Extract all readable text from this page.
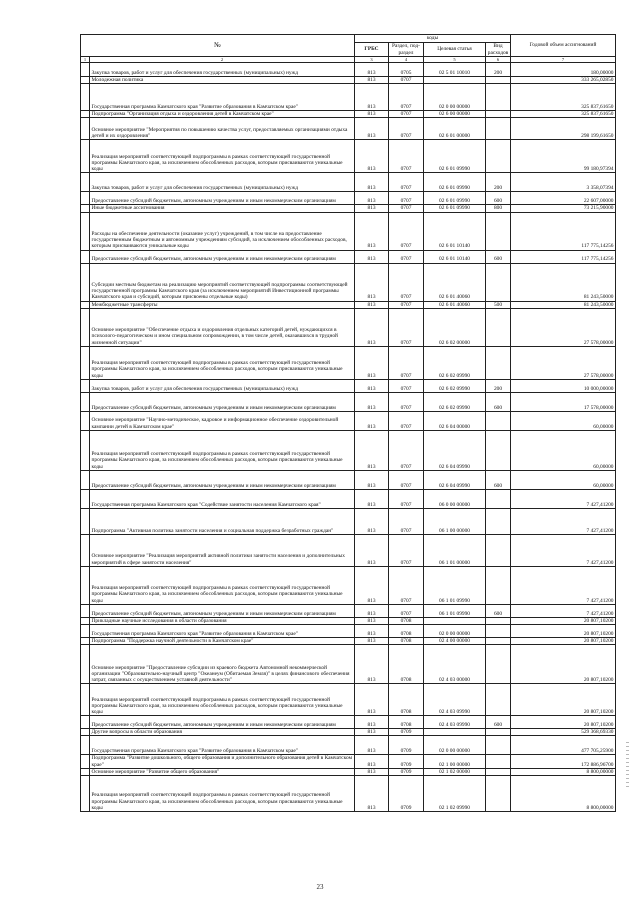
№		коды				Годовой объем ассигнований
		ГРБС	Раздел, под-раздел	Целевая статья	Вид расходов	
1	2	3	4	5	6	7
	Закупка товаров, работ и услуг для обеспечения государственных (муниципальных) нужд	813	0705	02 5 01 10010	200	180,00000
	Молодежная политика	813	0707			333 265,02850
	Государственная программа Камчатского края "Развитие образования в Камчатском крае"	813	0707	02 0 00 00000		325 837,61650
	Подпрограмма "Организация отдыха и оздоровления детей в Камчатском крае"	813	0707	02 6 00 00000		325 837,61650
	Основное мероприятие "Мероприятия по повышению качества услуг, предоставляемых организациями отдыха детей и их оздоровления"	813	0707	02 6 01 00000		298 199,61650
	Реализация мероприятий соответствующей подпрограммы в рамках соответствующей государственной программы Камчатского края, за исключением обособленных расходов, которым присваиваются уникальные коды	813	0707	02 6 01 09990		99 180,97394
	Закупка товаров, работ и услуг для обеспечения государственных (муниципальных) нужд	813	0707	02 6 01 09990	200	3 358,07394
	Предоставление субсидий бюджетным, автономным учреждениям и иным некоммерческим организациям	813	0707	02 6 01 09990	600	22 607,00000
	Иные бюджетные ассигнования	813	0707	02 6 01 09990	800	73 215,90000
	Расходы на обеспечение деятельности (оказание услуг) учреждений, в том числе на предоставление государственным бюджетным и автономным учреждениям субсидий, за исключением обособленных расходов, которым присваиваются уникальные коды	813	0707	02 6 01 10140		117 775,14256
	Предоставление субсидий бюджетным, автономным учреждениям и иным некоммерческим организациям	813	0707	02 6 01 10140	600	117 775,14256
	Субсидии местным бюджетам на реализацию мероприятий соответствующей подпрограммы соответствующей государственной программы Камчатского края (за исключением мероприятий Инвестиционной программы Камчатского края и субсидий, которым присвоены отдельные коды)	813	0707	02 6 01 40060		81 243,50000
	Межбюджетные трансферты	813	0707	02 6 01 40060	500	81 243,50000
	Основное мероприятие "Обеспечение отдыха и оздоровления отдельных категорий детей, нуждающихся в психолого-педагогическом и ином специальном сопровождении, в том числе детей, оказавшихся в трудной жизненной ситуации"	813	0707	02 6 02 00000		27 578,00000
	Реализация мероприятий соответствующей подпрограммы в рамках соответствующей государственной программы Камчатского края, за исключением обособленных расходов, которым присваиваются уникальные коды	813	0707	02 6 02 09990		27 578,00000
	Закупка товаров, работ и услуг для обеспечения государственных (муниципальных) нужд	813	0707	02 6 02 09990	200	10 000,00000
	Предоставление субсидий бюджетным, автономным учреждениям и иным некоммерческим организациям	813	0707	02 6 02 09990	600	17 578,00000
	Основное мероприятие "Научно-методическое, кадровое и информационное обеспечение оздоровительной кампании детей в Камчатском крае"	813	0707	02 6 04 00000		60,00000
	Реализация мероприятий соответствующей подпрограммы в рамках соответствующей государственной программы Камчатского края, за исключением обособленных расходов, которым присваиваются уникальные коды	813	0707	02 6 04 09990		60,00000
	Предоставление субсидий бюджетным, автономным учреждениям и иным некоммерческим организациям	813	0707	02 6 04 09990	600	60,00000
	Государственная программа Камчатского края "Содействие занятости населения Камчатского края"	813	0707	06 0 00 00000		7 427,41200
	Подпрограмма "Активная политика занятости населения и социальная поддержка безработных граждан"	813	0707	06 1 00 00000		7 427,41200
	Основное мероприятие "Реализация мероприятий активной политики занятости населения и дополнительных мероприятий в сфере занятости населения"	813	0707	06 1 01 00000		7 427,41200
	Реализация мероприятий соответствующей подпрограммы в рамках соответствующей государственной программы Камчатского края, за исключением обособленных расходов, которым присваиваются уникальные коды	813	0707	06 1 01 09990		7 427,41200
	Предоставление субсидий бюджетным, автономным учреждениям и иным некоммерческим организациям	813	0707	06 1 01 09990	600	7 427,41200
	Прикладные научные исследования в области образования	813	0708			20 807,10200
	Государственная программа Камчатского края "Развитие образования в Камчатском крае"	813	0708	02 0 00 00000		20 807,10200
	Подпрограмма "Поддержка научной деятельности в Камчатском крае"	813	0708	02 4 00 00000		20 807,10200
	Основное мероприятие "Предоставление субсидии из краевого бюджета Автономной некоммерческой организации "Образовательно-научный центр "Океанеум (Обитаемая Земля)" в целях финансового обеспечения затрат, связанных с осуществлением уставной деятельности"	813	0708	02 4 03 00000		20 807,10200
	Реализация мероприятий соответствующей подпрограммы в рамках соответствующей государственной программы Камчатского края, за исключением обособленных расходов, которым присваиваются уникальные коды	813	0708	02 4 03 09990		20 807,10200
	Предоставление субсидий бюджетным, автономным учреждениям и иным некоммерческим организациям	813	0708	02 4 03 09990	600	20 807,10200
	Другие вопросы в области образования	813	0709			529 368,69330
	Государственная программа Камчатского края "Развитие образования в Камчатском крае"	813	0709	02 0 00 00000		477 705,25900
	Подпрограмма "Развитие дошкольного, общего образования и дополнительного образования детей в Камчатском крае"	813	0709	02 1 00 00000		172 886,96700
	Основное мероприятие "Развитие общего образования"	813	0709	02 1 02 00000		8 800,00000
	Реализация мероприятий соответствующей подпрограммы в рамках соответствующей государственной программы Камчатского края, за исключением обособленных расходов, которым присваиваются уникальные коды	813	0709	02 1 02 09990		8 800,00000
23
